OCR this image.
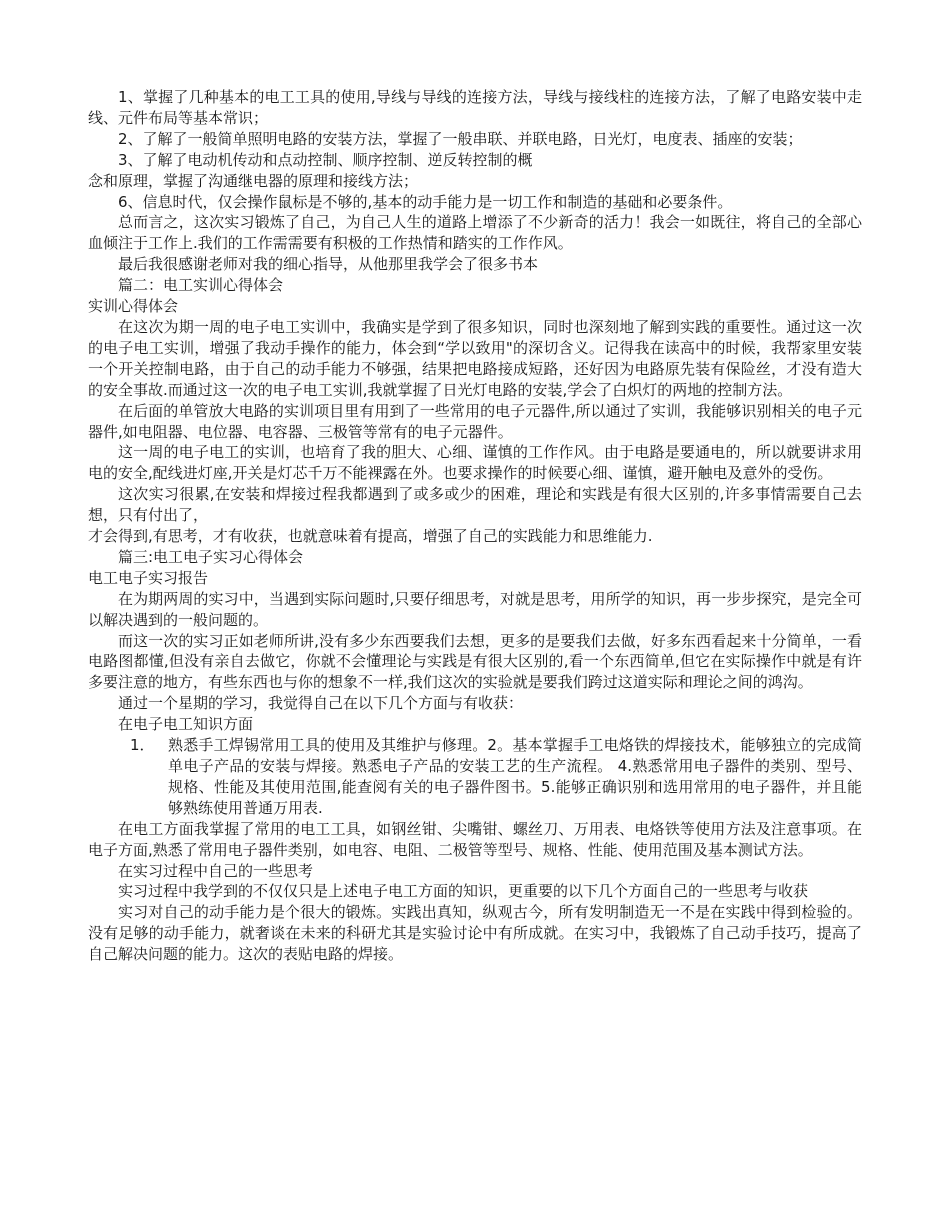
1、掌握了几种基本的电工工具的使用,导线与导线的连接方法，导线与接线柱的连接方法，了解了电路安装中走线、元件布局等基本常识；

2、了解了一般简单照明电路的安装方法，掌握了一般串联、并联电路，日光灯，电度表、插座的安装；

3、了解了电动机传动和点动控制、顺序控制、逆反转控制的概

念和原理，掌握了沟通继电器的原理和接线方法；

6、信息时代，仅会操作鼠标是不够的,基本的动手能力是一切工作和制造的基础和必要条件。

总而言之，这次实习锻炼了自己，为自己人生的道路上增添了不少新奇的活力！我会一如既往，将自己的全部心血倾注于工作上.我们的工作需需要有积极的工作热情和踏实的工作作风。

最后我很感谢老师对我的细心指导，从他那里我学会了很多书本

篇二：电工实训心得体会

实训心得体会

在这次为期一周的电子电工实训中，我确实是学到了很多知识，同时也深刻地了解到实践的重要性。通过这一次的电子电工实训，增强了我动手操作的能力，体会到“学以致用"的深切含义。记得我在读高中的时候，我帮家里安装一个开关控制电路，由于自己的动手能力不够强，结果把电路接成短路，还好因为电路原先装有保险丝，才没有造大的安全事故.而通过这一次的电子电工实训,我就掌握了日光灯电路的安装,学会了白炽灯的两地的控制方法。

在后面的单管放大电路的实训项目里有用到了一些常用的电子元器件,所以通过了实训，我能够识别相关的电子元器件,如电阻器、电位器、电容器、三极管等常有的电子元器件。

这一周的电子电工的实训，也培育了我的胆大、心细、谨慎的工作作风。由于电路是要通电的，所以就要讲求用电的安全,配线进灯座,开关是灯芯千万不能裸露在外。也要求操作的时候要心细、谨慎，避开触电及意外的受伤。

这次实习很累,在安装和焊接过程我都遇到了或多或少的困难，理论和实践是有很大区别的,许多事情需要自己去想，只有付出了，

才会得到,有思考，才有收获，也就意味着有提高，增强了自己的实践能力和思维能力.

篇三:电工电子实习心得体会

电工电子实习报告

在为期两周的实习中，当遇到实际问题时,只要仔细思考，对就是思考，用所学的知识，再一步步探究，是完全可以解决遇到的一般问题的。

而这一次的实习正如老师所讲,没有多少东西要我们去想，更多的是要我们去做，好多东西看起来十分简单，一看电路图都懂,但没有亲自去做它，你就不会懂理论与实践是有很大区别的,看一个东西简单,但它在实际操作中就是有许多要注意的地方，有些东西也与你的想象不一样,我们这次的实验就是要我们跨过这道实际和理论之间的鸿沟。

通过一个星期的学习，我觉得自己在以下几个方面与有收获：

在电子电工知识方面

1． 熟悉手工焊锡常用工具的使用及其维护与修理。2。基本掌握手工电烙铁的焊接技术，能够独立的完成简单电子产品的安装与焊接。熟悉电子产品的安装工艺的生产流程。 4.熟悉常用电子器件的类别、型号、规格、性能及其使用范围,能查阅有关的电子器件图书。5.能够正确识别和选用常用的电子器件，并且能够熟练使用普通万用表.

在电工方面我掌握了常用的电工工具，如钢丝钳、尖嘴钳、螺丝刀、万用表、电烙铁等使用方法及注意事项。在电子方面,熟悉了常用电子器件类别，如电容、电阻、二极管等型号、规格、性能、使用范围及基本测试方法。

在实习过程中自己的一些思考

实习过程中我学到的不仅仅只是上述电子电工方面的知识，更重要的以下几个方面自己的一些思考与收获

实习对自己的动手能力是个很大的锻炼。实践出真知，纵观古今，所有发明制造无一不是在实践中得到检验的。没有足够的动手能力，就奢谈在未来的科研尤其是实验讨论中有所成就。在实习中，我锻炼了自己动手技巧，提高了自己解决问题的能力。这次的表贴电路的焊接。
